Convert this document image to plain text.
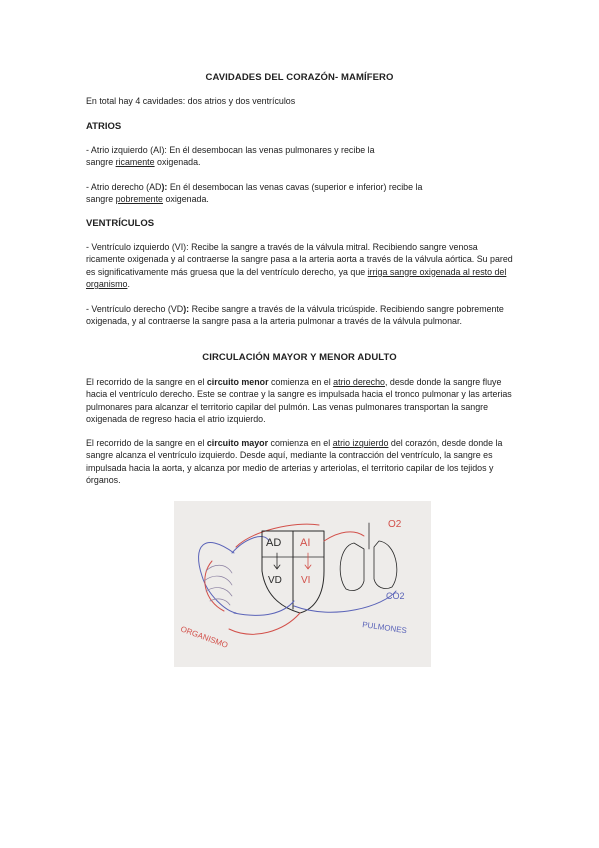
CAVIDADES DEL CORAZÓN- MAMÍFERO

En total hay 4 cavidades: dos atrios y dos ventrículos

ATRIOS

- Atrio izquierdo (AI): En él desembocan las venas pulmonares y recibe la
sangre ricamente oxigenada.

- Atrio derecho (AD): En él desembocan las venas cavas (superior e inferior) recibe la
sangre pobremente oxigenada.

VENTRÍCULOS

- Ventrículo izquierdo (VI): Recibe la sangre a través de la válvula mitral. Recibiendo sangre venosa ricamente oxigenada y al contraerse la sangre pasa a la arteria aorta a través de la válvula aórtica. Su pared es significativamente más gruesa que la del ventrículo derecho, ya que irriga sangre oxigenada al resto del organismo.

- Ventrículo derecho (VD): Recibe sangre a través de la válvula tricúspide. Recibiendo sangre pobremente oxigenada, y al contraerse la sangre pasa a la arteria pulmonar a través de la válvula pulmonar.

CIRCULACIÓN MAYOR Y MENOR ADULTO

El recorrido de la sangre en el circuito menor comienza en el atrio derecho, desde donde la sangre fluye hacia el ventrículo derecho. Este se contrae y la sangre es impulsada hacia el tronco pulmonar y las arterias pulmonares para alcanzar el territorio capilar del pulmón. Las venas pulmonares transportan la sangre oxigenada de regreso hacia el atrio izquierdo.

El recorrido de la sangre en el circuito mayor comienza en el atrio izquierdo del corazón, desde donde la sangre alcanza el ventrículo izquierdo. Desde aquí, mediante la contracción del ventrículo, la sangre es impulsada hacia la aorta, y alcanza por medio de arterias y arteriolas, el territorio capilar de los tejidos y órganos.

AD AI
VD VI
O2
CO2
PULMONES
ORGANISMO
